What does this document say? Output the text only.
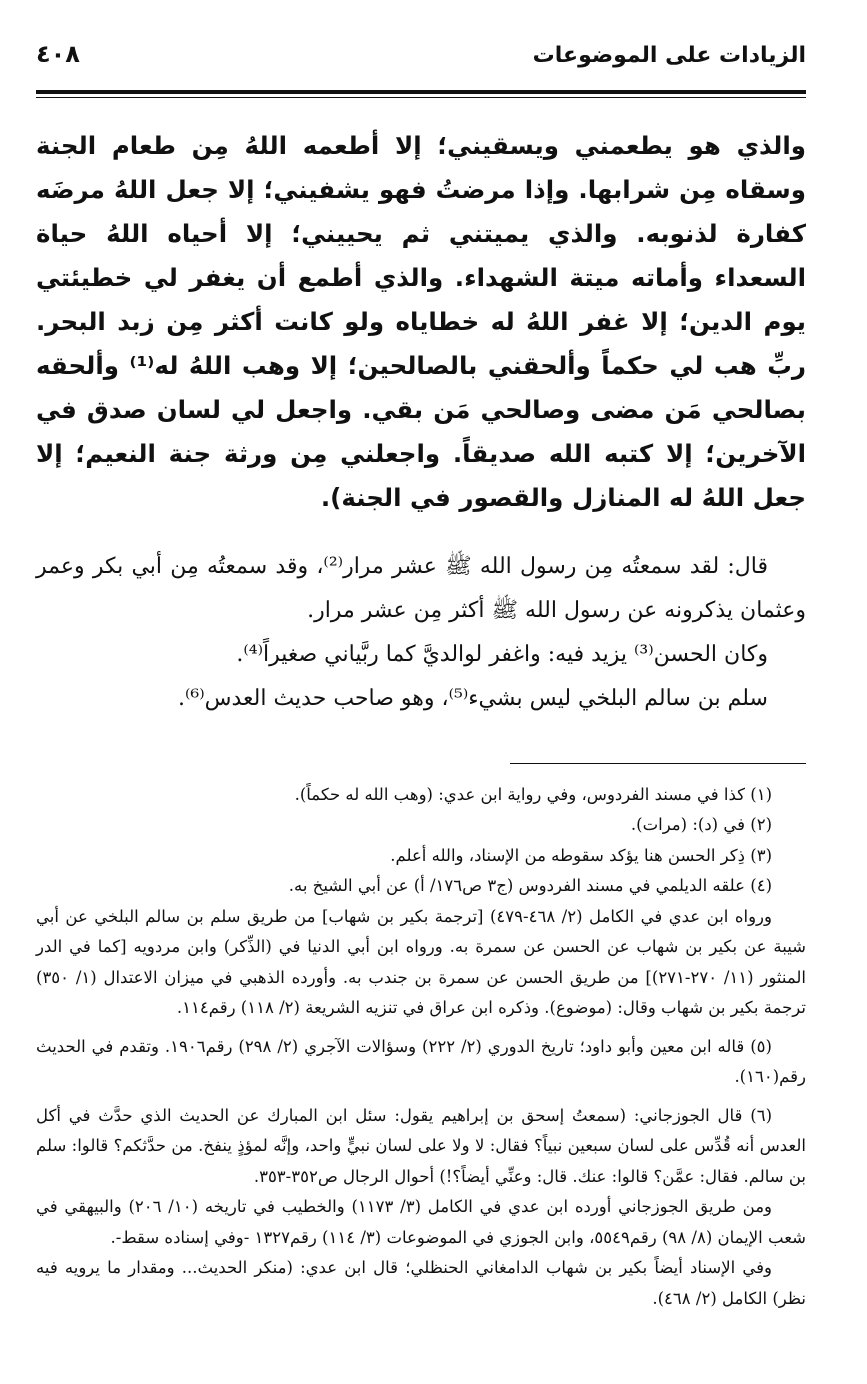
الزيادات على الموضوعات
٤٠٨

والذي هو يطعمني ويسقيني؛ إلا أطعمه اللهُ مِن طعام الجنة وسقاه مِن شرابها. وإذا مرضتُ فهو يشفيني؛ إلا جعل اللهُ مرضَه كفارة لذنوبه. والذي يميتني ثم يحييني؛ إلا أحياه اللهُ حياة السعداء وأماته ميتة الشهداء. والذي أطمع أن يغفر لي خطيئتي يوم الدين؛ إلا غفر اللهُ له خطاياه ولو كانت أكثر مِن زبد البحر. ربِّ هب لي حكماً وألحقني بالصالحين؛ إلا وهب اللهُ له⁽¹⁾ وألحقه بصالحي مَن مضى وصالحي مَن بقي. واجعل لي لسان صدق في الآخرين؛ إلا كتبه الله صديقاً. واجعلني مِن ورثة جنة النعيم؛ إلا جعل اللهُ له المنازل والقصور في الجنة).

قال: لقد سمعتُه مِن رسول الله ﷺ عشر مرار⁽²⁾، وقد سمعتُه مِن أبي بكر وعمر وعثمان يذكرونه عن رسول الله ﷺ أكثر مِن عشر مرار.

وكان الحسن⁽³⁾ يزيد فيه: واغفر لوالديَّ كما ربَّياني صغيراً⁽⁴⁾.

سلم بن سالم البلخي ليس بشيء⁽⁵⁾، وهو صاحب حديث العدس⁽⁶⁾.

(١) كذا في مسند الفردوس، وفي رواية ابن عدي: (وهب الله له حكماً).

(٢) في (د): (مرات).

(٣) ذِكر الحسن هنا يؤكد سقوطه من الإسناد، والله أعلم.

(٤) علقه الديلمي في مسند الفردوس (ج٣ ص١٧٦/ أ) عن أبي الشيخ به.

ورواه ابن عدي في الكامل (٢/ ٤٦٨-٤٧٩) [ترجمة بكير بن شهاب] من طريق سلم بن سالم البلخي عن أبي شيبة عن بكير بن شهاب عن الحسن عن سمرة به. ورواه ابن أبي الدنيا في (الذِّكر) وابن مردويه [كما في الدر المنثور (١١/ ٢٧٠-٢٧١)] من طريق الحسن عن سمرة بن جندب به. وأورده الذهبي في ميزان الاعتدال (١/ ٣٥٠) ترجمة بكير بن شهاب وقال: (موضوع). وذكره ابن عراق في تنزيه الشريعة (٢/ ١١٨) رقم١١٤.

(٥) قاله ابن معين وأبو داود؛ تاريخ الدوري (٢/ ٢٢٢) وسؤالات الآجري (٢/ ٢٩٨) رقم١٩٠٦. وتقدم في الحديث رقم(١٦٠).

(٦) قال الجوزجاني: (سمعتُ إسحق بن إبراهيم يقول: سئل ابن المبارك عن الحديث الذي حدَّث في أكل العدس أنه قُدِّس على لسان سبعين نبياً؟ فقال: لا ولا على لسان نبيٍّ واحد، وإنَّه لمؤذٍ ينفخ. من حدَّثكم؟ قالوا: سلم بن سالم. فقال: عمَّن؟ قالوا: عنك. قال: وعنِّي أيضاً؟!) أحوال الرجال ص٣٥٢-٣٥٣.

ومن طريق الجوزجاني أورده ابن عدي في الكامل (٣/ ١١٧٣) والخطيب في تاريخه (١٠/ ٢٠٦) والبيهقي في شعب الإيمان (٨/ ٩٨) رقم٥٥٤٩، وابن الجوزي في الموضوعات (٣/ ١١٤) رقم١٣٢٧ -وفي إسناده سقط-.

وفي الإسناد أيضاً بكير بن شهاب الدامغاني الحنظلي؛ قال ابن عدي: (منكر الحديث... ومقدار ما يرويه فيه نظر) الكامل (٢/ ٤٦٨).
